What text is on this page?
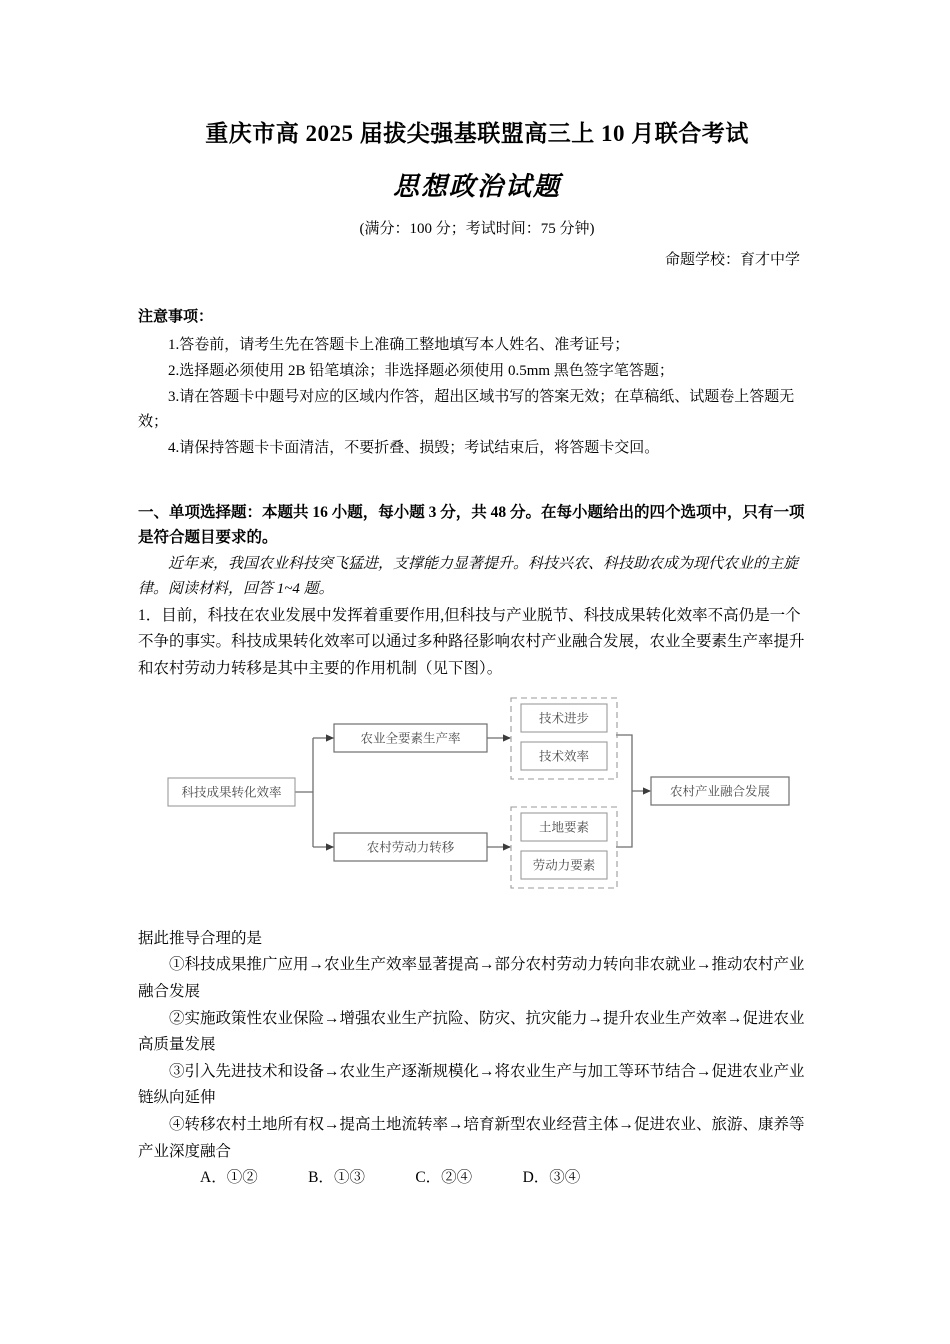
重庆市高 2025 届拔尖强基联盟高三上 10 月联合考试
思想政治试题

(满分：100 分；考试时间：75 分钟)

命题学校：育才中学

注意事项：

1.答卷前，请考生先在答题卡上准确工整地填写本人姓名、准考证号；

2.选择题必须使用 2B 铅笔填涂；非选择题必须使用 0.5mm 黑色签字笔答题；

3.请在答题卡中题号对应的区域内作答，超出区域书写的答案无效；在草稿纸、试题卷上答题无效；

4.请保持答题卡卡面清洁，不要折叠、损毁；考试结束后，将答题卡交回。

一、单项选择题：本题共 16 小题，每小题 3 分，共 48 分。在每小题给出的四个选项中，只有一项是符合题目要求的。

近年来，我国农业科技突飞猛进，支撑能力显著提升。科技兴农、科技助农成为现代农业的主旋律。阅读材料，回答 1~4 题。

1．目前，科技在农业发展中发挥着重要作用,但科技与产业脱节、科技成果转化效率不高仍是一个不争的事实。科技成果转化效率可以通过多种路径影响农村产业融合发展，农业全要素生产率提升和农村劳动力转移是其中主要的作用机制（见下图）。

科技成果转化效率
农业全要素生产率
农村劳动力转移
技术进步
技术效率
土地要素
劳动力要素
农村产业融合发展

据此推导合理的是

①科技成果推广应用→农业生产效率显著提高→部分农村劳动力转向非农就业→推动农村产业融合发展

②实施政策性农业保险→增强农业生产抗险、防灾、抗灾能力→提升农业生产效率→促进农业高质量发展

③引入先进技术和设备→农业生产逐渐规模化→将农业生产与加工等环节结合→促进农业产业链纵向延伸

④转移农村土地所有权→提高土地流转率→培育新型农业经营主体→促进农业、旅游、康养等产业深度融合

A．①②	B．①③	C．②④	D．③④
